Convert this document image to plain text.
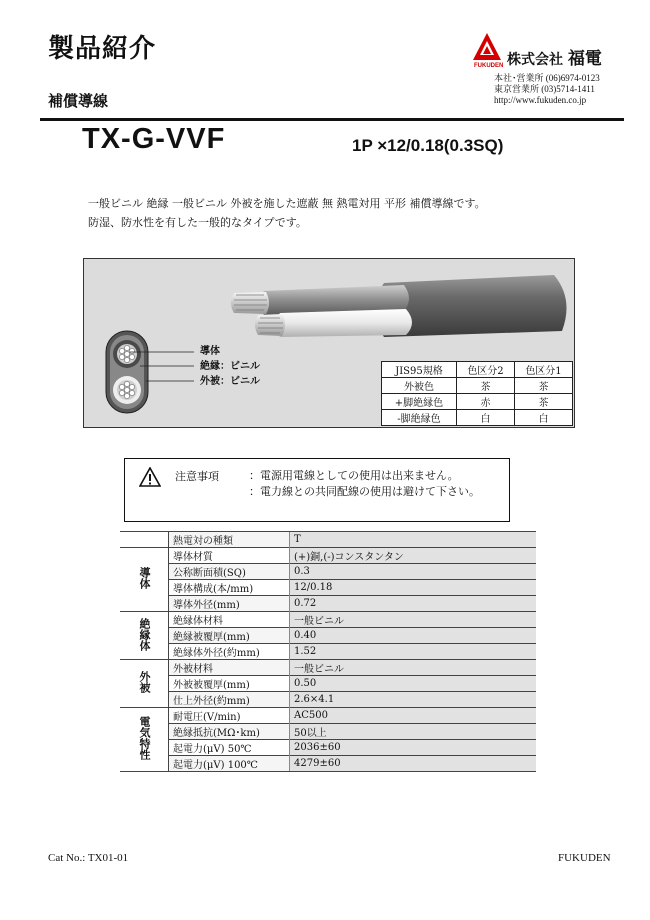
製品紹介
補償導線
FUKUDEN 株式会社 福電
本社･営業所 (06)6974-0123
東京営業所 (03)5714-1411
http://www.fukuden.co.jp
TX-G-VVF	1P ×12/0.18(0.3SQ)
一般ビニル 絶縁 一般ビニル 外被を施した遮蔽 無 熱電対用 平形 補償導線です。
防湿、防水性を有した一般的なタイプです。
JIS95規格	色区分2	色区分1
外被色	茶	茶
+脚絶縁色	赤	茶
-脚絶縁色	白	白
導体
絶縁：ビニル
外被：ビニル
注意事項	：電源用電線としての使用は出来ません。
：電力線との共同配線の使用は避けて下さい。
	熱電対の種類	T
導体	導体材質	(+)銅,(-)コンスタンタン
	公称断面積(SQ)	0.3
	導体構成(本/mm)	12/0.18
	導体外径(mm)	0.72
絶縁体	絶縁体材料	一般ビニル
	絶縁被覆厚(mm)	0.40
	絶縁体外径(約mm)	1.52
外被	外被材料	一般ビニル
	外被被覆厚(mm)	0.50
	仕上外径(約mm)	2.6×4.1
電気特性	耐電圧(V/min)	AC500
	絶縁抵抗(MΩ･km)	50以上
	起電力(μV) 50℃	2036±60
	起電力(μV) 100℃	4279±60
Cat No.: TX01-01	FUKUDEN
